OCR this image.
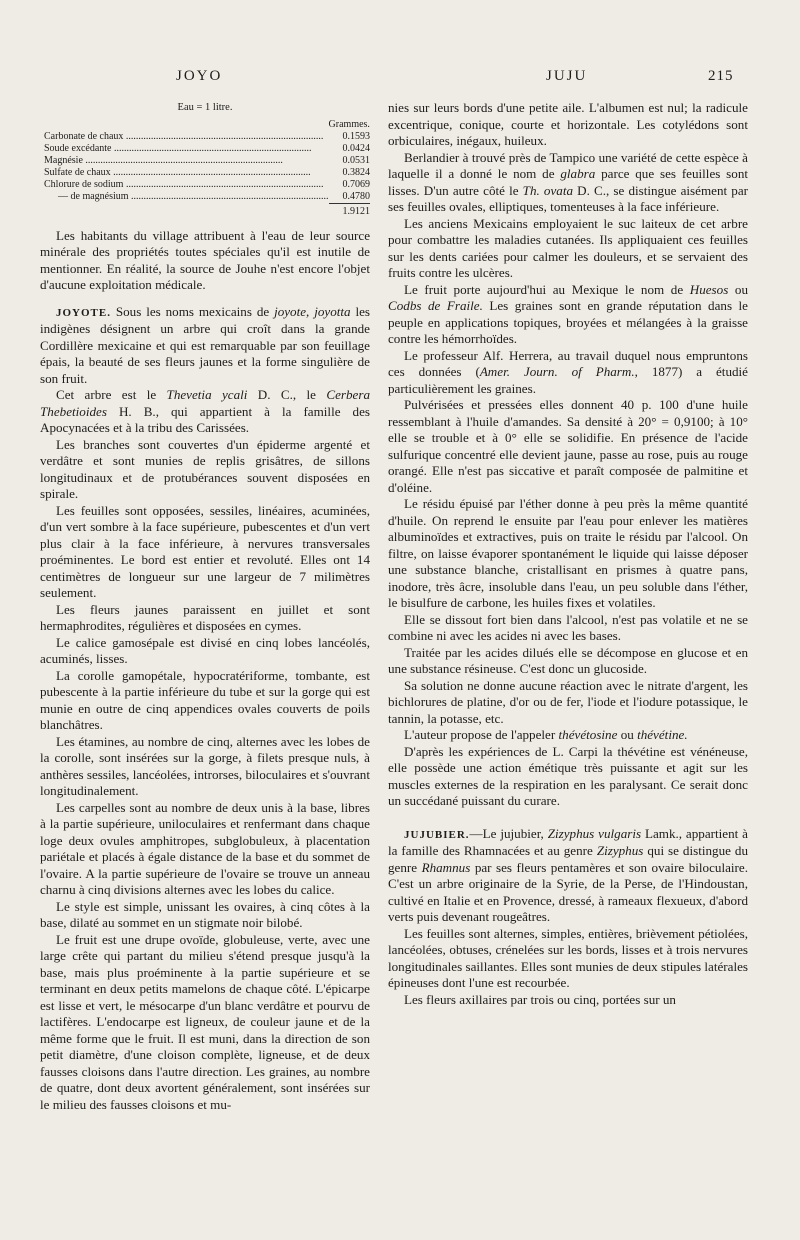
JOYO	JUJU	215
Eau = 1 litre.
	Grammes.
Carbonate de chaux .....	0.1593
Soude excédante .....	0.0424
Magnésie .....	0.0531
Sulfate de chaux .....	0.3824
Chlorure de sodium .....	0.7069
— de magnésium .....	0.4780
	1.9121

Les habitants du village attribuent à l'eau de leur source minérale des propriétés toutes spéciales qu'il est inutile de mentionner. En réalité, la source de Jouhe n'est encore l'objet d'aucune exploitation médicale.

JOYOTE. Sous les noms mexicains de joyote, joyotta les indigènes désignent un arbre qui croît dans la grande Cordillère mexicaine et qui est remarquable par son feuillage épais, la beauté de ses fleurs jaunes et la forme singulière de son fruit.

Cet arbre est le Thevetia ycali D. C., le Cerbera Thebetioides H. B., qui appartient à la famille des Apocynacées et à la tribu des Carissées.

Les branches sont couvertes d'un épiderme argenté et verdâtre et sont munies de replis grisâtres, de sillons longitudinaux et de protubérances souvent disposées en spirale.

Les feuilles sont opposées, sessiles, linéaires, acuminées, d'un vert sombre à la face supérieure, pubescentes et d'un vert plus clair à la face inférieure, à nervures transversales proéminentes. Le bord est entier et revoluté. Elles ont 14 centimètres de longueur sur une largeur de 7 milimètres seulement.

Les fleurs jaunes paraissent en juillet et sont hermaphrodites, régulières et disposées en cymes.

Le calice gamosépale est divisé en cinq lobes lancéolés, acuminés, lisses.

La corolle gamopétale, hypocratériforme, tombante, est pubescente à la partie inférieure du tube et sur la gorge qui est munie en outre de cinq appendices ovales couverts de poils blanchâtres.

Les étamines, au nombre de cinq, alternes avec les lobes de la corolle, sont insérées sur la gorge, à filets presque nuls, à anthères sessiles, lancéolées, introrses, biloculaires et s'ouvrant longitudinalement.

Les carpelles sont au nombre de deux unis à la base, libres à la partie supérieure, uniloculaires et renfermant dans chaque loge deux ovules amphitropes, subglobuleux, à placentation pariétale et placés à égale distance de la base et du sommet de l'ovaire. A la partie supérieure de l'ovaire se trouve un anneau charnu à cinq divisions alternes avec les lobes du calice.

Le style est simple, unissant les ovaires, à cinq côtes à la base, dilaté au sommet en un stigmate noir bilobé.

Le fruit est une drupe ovoïde, globuleuse, verte, avec une large crête qui partant du milieu s'étend presque jusqu'à la base, mais plus proéminente à la partie supérieure et se terminant en deux petits mamelons de chaque côté. L'épicarpe est lisse et vert, le mésocarpe d'un blanc verdâtre et pourvu de lactifères. L'endocarpe est ligneux, de couleur jaune et de la même forme que le fruit. Il est muni, dans la direction de son petit diamètre, d'une cloison complète, ligneuse, et de deux fausses cloisons dans l'autre direction. Les graines, au nombre de quatre, dont deux avortent généralement, sont insérées sur le milieu des fausses cloisons et mu-

nies sur leurs bords d'une petite aile. L'albumen est nul; la radicule excentrique, conique, courte et horizontale. Les cotylédons sont orbiculaires, inégaux, huileux.

Berlandier à trouvé près de Tampico une variété de cette espèce à laquelle il a donné le nom de glabra parce que ses feuilles sont lisses. D'un autre côté le Th. ovata D. C., se distingue aisément par ses feuilles ovales, elliptiques, tomenteuses à la face inférieure.

Les anciens Mexicains employaient le suc laiteux de cet arbre pour combattre les maladies cutanées. Ils appliquaient ces feuilles sur les dents cariées pour calmer les douleurs, et se servaient des fruits contre les ulcères.

Le fruit porte aujourd'hui au Mexique le nom de Huesos ou Codbs de Fraile. Les graines sont en grande réputation dans le peuple en applications topiques, broyées et mélangées à la graisse contre les hémorrhoïdes.

Le professeur Alf. Herrera, au travail duquel nous empruntons ces données (Amer. Journ. of Pharm., 1877) a étudié particulièrement les graines.

Pulvérisées et pressées elles donnent 40 p. 100 d'une huile ressemblant à l'huile d'amandes. Sa densité à 20° = 0,9100; à 10° elle se trouble et à 0° elle se solidifie. En présence de l'acide sulfurique concentré elle devient jaune, passe au rose, puis au rouge orangé. Elle n'est pas siccative et paraît composée de palmitine et d'oléine.

Le résidu épuisé par l'éther donne à peu près la même quantité d'huile. On reprend le ensuite par l'eau pour enlever les matières albuminoïdes et extractives, puis on traite le résidu par l'alcool. On filtre, on laisse évaporer spontanément le liquide qui laisse déposer une substance blanche, cristallisant en prismes à quatre pans, inodore, très âcre, insoluble dans l'eau, un peu soluble dans l'éther, le bisulfure de carbone, les huiles fixes et volatiles.

Elle se dissout fort bien dans l'alcool, n'est pas volatile et ne se combine ni avec les acides ni avec les bases.

Traitée par les acides dilués elle se décompose en glucose et en une substance résineuse. C'est donc un glucoside.

Sa solution ne donne aucune réaction avec le nitrate d'argent, les bichlorures de platine, d'or ou de fer, l'iode et l'iodure potassique, le tannin, la potasse, etc.

L'auteur propose de l'appeler thévétosine ou thévétine.

D'après les expériences de L. Carpi la thévétine est vénéneuse, elle possède une action émétique très puissante et agit sur les muscles externes de la respiration en les paralysant. Ce serait donc un succédané puissant du curare.

JUJUBIER.—Le jujubier, Zizyphus vulgaris Lamk., appartient à la famille des Rhamnacées et au genre Zizyphus qui se distingue du genre Rhamnus par ses fleurs pentamères et son ovaire biloculaire. C'est un arbre originaire de la Syrie, de la Perse, de l'Hindoustan, cultivé en Italie et en Provence, dressé, à rameaux flexueux, d'abord verts puis devenant rougeâtres.

Les feuilles sont alternes, simples, entières, brièvement pétiolées, lancéolées, obtuses, crénelées sur les bords, lisses et à trois nervures longitudinales saillantes. Elles sont munies de deux stipules latérales épineuses dont l'une est recourbée.

Les fleurs axillaires par trois ou cinq, portées sur un
